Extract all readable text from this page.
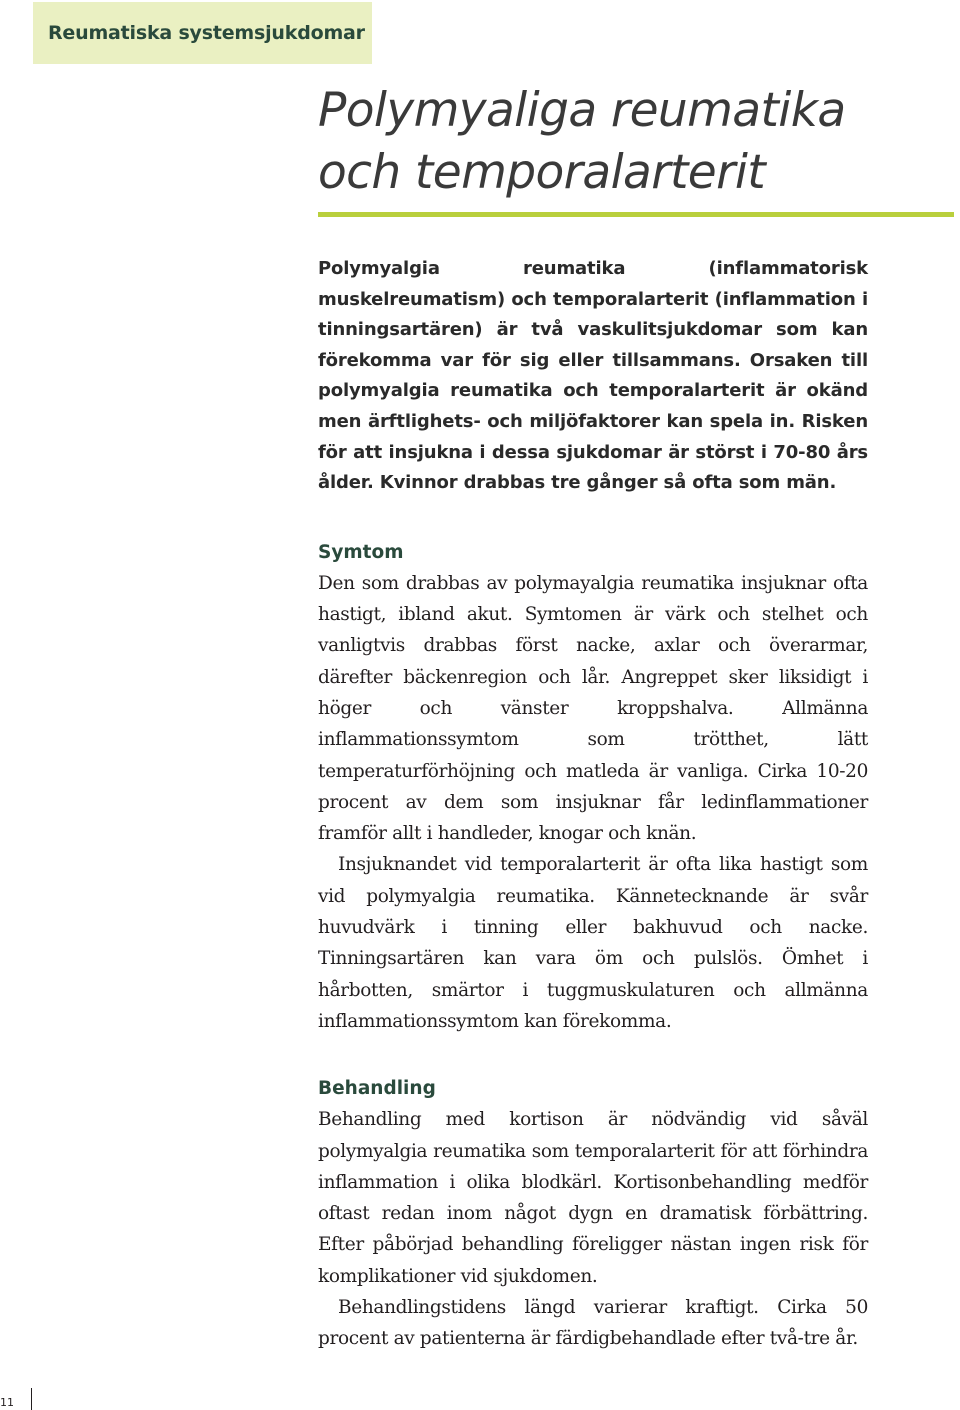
Reumatiska systemsjukdomar
Polymyaliga reumatika och temporalarterit

Polymyalgia reumatika (inflammatorisk muskelreumatism) och temporalarterit (inflammation i tinningsartären) är två vaskulitsjukdomar som kan förekomma var för sig eller tillsammans. Orsaken till polymyalgia reumatika och temporalarterit är okänd men ärftlighets- och miljöfaktorer kan spela in. Risken för att insjukna i dessa sjukdomar är störst i 70-80 års ålder. Kvinnor drabbas tre gånger så ofta som män.

Symtom

Den som drabbas av polymayalgia reumatika insjuknar ofta hastigt, ibland akut. Symtomen är värk och stelhet och vanligtvis drabbas först nacke, axlar och överarmar, därefter bäckenregion och lår. Angreppet sker liksidigt i höger och vänster kroppshalva. Allmänna inflammationssymtom som trötthet, lätt temperaturförhöjning och matleda är vanliga. Cirka 10-20 procent av dem som insjuknar får ledinflammationer framför allt i handleder, knogar och knän.

Insjuknandet vid temporalarterit är ofta lika hastigt som vid polymyalgia reumatika. Kännetecknande är svår huvudvärk i tinning eller bakhuvud och nacke. Tinningsartären kan vara öm och pulslös. Ömhet i hårbotten, smärtor i tuggmuskulaturen och allmänna inflammationssymtom kan förekomma.

Behandling

Behandling med kortison är nödvändig vid såväl polymyalgia reumatika som temporalarterit för att förhindra inflammation i olika blodkärl. Kortisonbehandling medför oftast redan inom något dygn en dramatisk förbättring. Efter påbörjad behandling föreligger nästan ingen risk för komplikationer vid sjukdomen.

Behandlingstidens längd varierar kraftigt. Cirka 50 procent av patienterna är färdigbehandlade efter två-tre år.

11
